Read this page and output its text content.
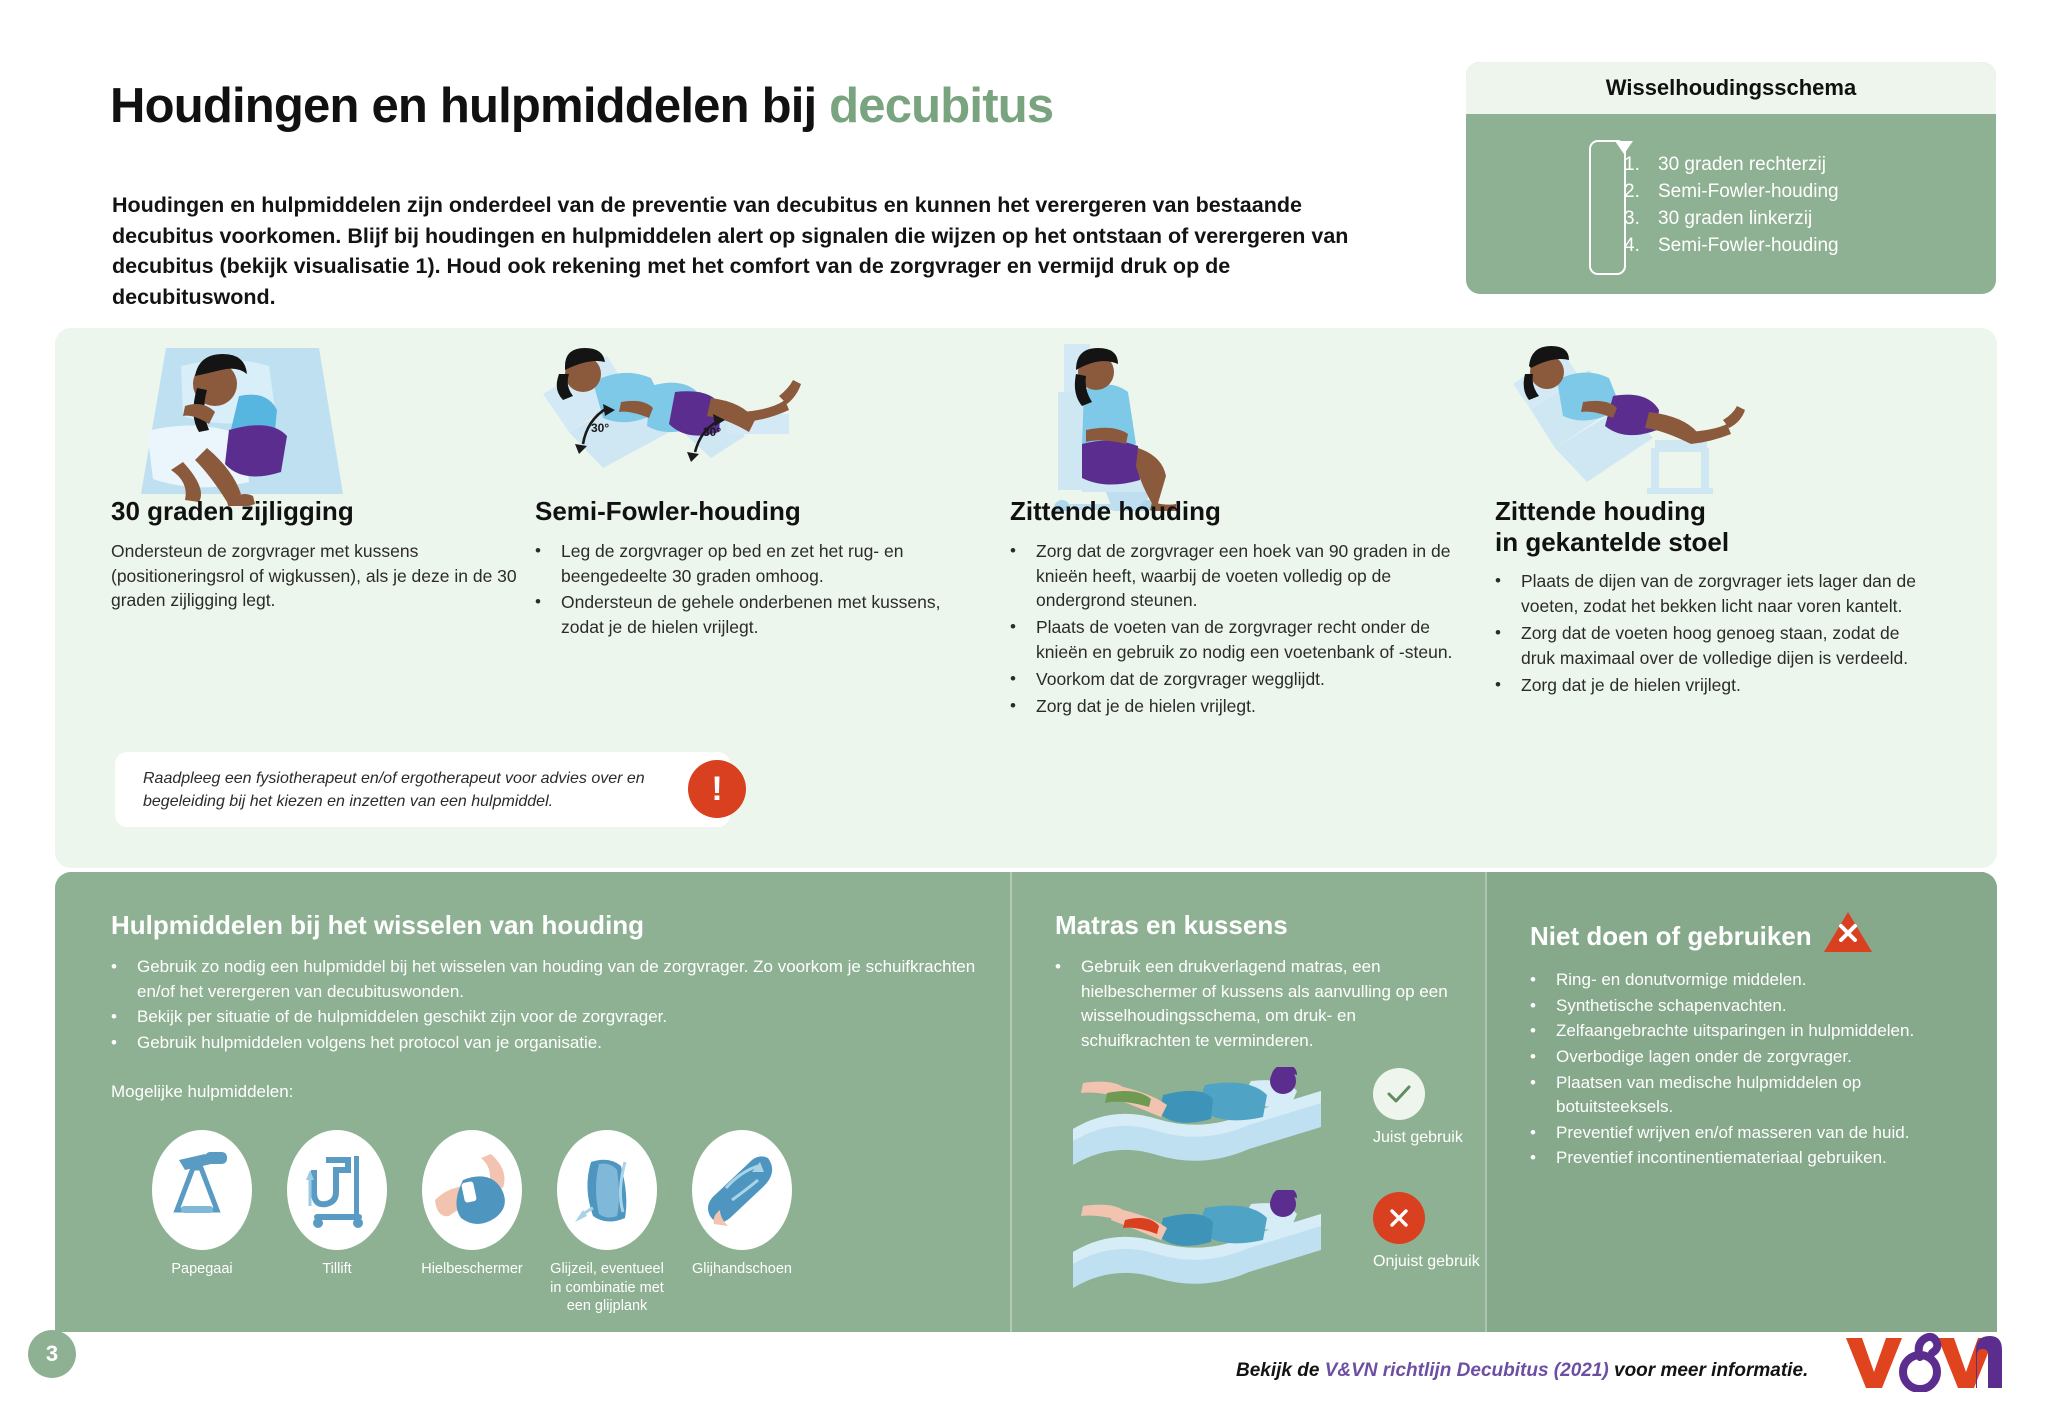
Houdingen en hulpmiddelen bij decubitus
Houdingen en hulpmiddelen zijn onderdeel van de preventie van decubitus en kunnen het verergeren van bestaande decubitus voorkomen. Blijf bij houdingen en hulpmiddelen alert op signalen die wijzen op het ontstaan of verergeren van decubitus (bekijk visualisatie 1). Houd ook rekening met het comfort van de zorgvrager en vermijd druk op de decubituswond.
Wisselhoudingsschema
1. 30 graden rechterzij
2. Semi-Fowler-houding
3. 30 graden linkerzij
4. Semi-Fowler-houding
30 graden zijligging
Ondersteun de zorgvrager met kussens (positioneringsrol of wigkussen), als je deze in de 30 graden zijligging legt.
30°	30°
Semi-Fowler-houding
•	Leg de zorgvrager op bed en zet het rug- en beengedeelte 30 graden omhoog.
•	Ondersteun de gehele onderbenen met kussens, zodat je de hielen vrijlegt.
Zittende houding
•	Zorg dat de zorgvrager een hoek van 90 graden in de knieën heeft, waarbij de voeten volledig op de ondergrond steunen.
•	Plaats de voeten van de zorgvrager recht onder de knieën en gebruik zo nodig een voetenbank of -steun.
•	Voorkom dat de zorgvrager wegglijdt.
•	Zorg dat je de hielen vrijlegt.
Zittende houding
in gekantelde stoel
•	Plaats de dijen van de zorgvrager iets lager dan de voeten, zodat het bekken licht naar voren kantelt.
•	Zorg dat de voeten hoog genoeg staan, zodat de druk maximaal over de volledige dijen is verdeeld.
•	Zorg dat je de hielen vrijlegt.

Raadpleeg een fysiotherapeut en/of ergotherapeut voor advies over en begeleiding bij het kiezen en inzetten van een hulpmiddel.	!
Hulpmiddelen bij het wisselen van houding
•	Gebruik zo nodig een hulpmiddel bij het wisselen van houding van de zorgvrager. Zo voorkom je schuifkrachten en/of het verergeren van decubituswonden.
•	Bekijk per situatie of de hulpmiddelen geschikt zijn voor de zorgvrager.
•	Gebruik hulpmiddelen volgens het protocol van je organisatie.
Mogelijke hulpmiddelen:
Papegaai	Tillift	Hielbeschermer	Glijzeil, eventueel in combinatie met een glijplank
Glijhandschoen
Matras en kussens
•	Gebruik een drukverlagend matras, een hielbeschermer of kussens als aanvulling op een wisselhoudingsschema, om druk- en schuifkrachten te verminderen.
Juist gebruik
Onjuist gebruik
Niet doen of gebruiken
•	Ring- en donutvormige middelen.
•	Synthetische schapenvachten.
•	Zelfaangebrachte uitsparingen in hulpmiddelen.
•	Overbodige lagen onder de zorgvrager.
•	Plaatsen van medische hulpmiddelen op botuitsteeksels.
•	Preventief wrijven en/of masseren van de huid.
•	Preventief incontinentiemateriaal gebruiken.
3
Bekijk de V&VN richtlijn Decubitus (2021) voor meer informatie.
